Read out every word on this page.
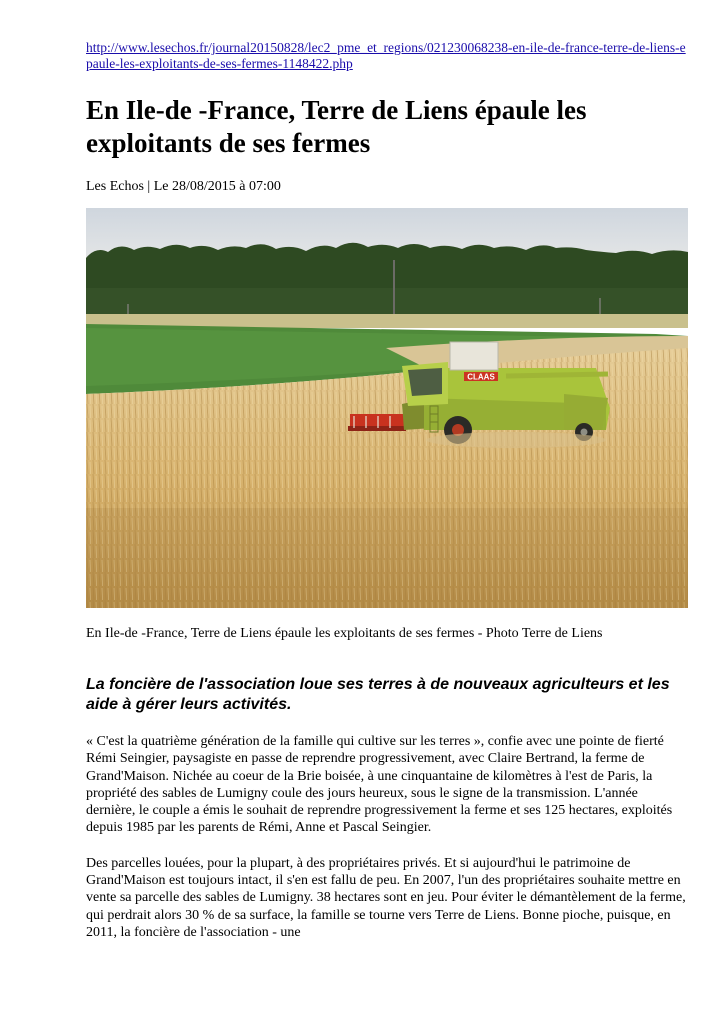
http://www.lesechos.fr/journal20150828/lec2_pme_et_regions/021230068238-en-ile-de-france-terre-de-liens-epaule-les-exploitants-de-ses-fermes-1148422.php
En Ile-de -France, Terre de Liens épaule les exploitants de ses fermes
Les Echos | Le 28/08/2015 à 07:00
CLAAS
En Ile-de -France, Terre de Liens épaule les exploitants de ses fermes - Photo Terre de Liens
La foncière de l'association loue ses terres à de nouveaux agriculteurs et les aide à gérer leurs activités.

« C'est la quatrième génération de la famille qui cultive sur les terres », confie avec une pointe de fierté Rémi Seingier, paysagiste en passe de reprendre progressivement, avec Claire Bertrand, la ferme de Grand'Maison. Nichée au coeur de la Brie boisée, à une cinquantaine de kilomètres à l'est de Paris, la propriété des sables de Lumigny coule des jours heureux, sous le signe de la transmission. L'année dernière, le couple a émis le souhait de reprendre progressivement la ferme et ses 125 hectares, exploités depuis 1985 par les parents de Rémi, Anne et Pascal Seingier.

Des parcelles louées, pour la plupart, à des propriétaires privés. Et si aujourd'hui le patrimoine de Grand'Maison est toujours intact, il s'en est fallu de peu. En 2007, l'un des propriétaires souhaite mettre en vente sa parcelle des sables de Lumigny. 38 hectares sont en jeu. Pour éviter le démantèlement de la ferme, qui perdrait alors 30 % de sa surface, la famille se tourne vers Terre de Liens. Bonne pioche, puisque, en 2011, la foncière de l'association - une
